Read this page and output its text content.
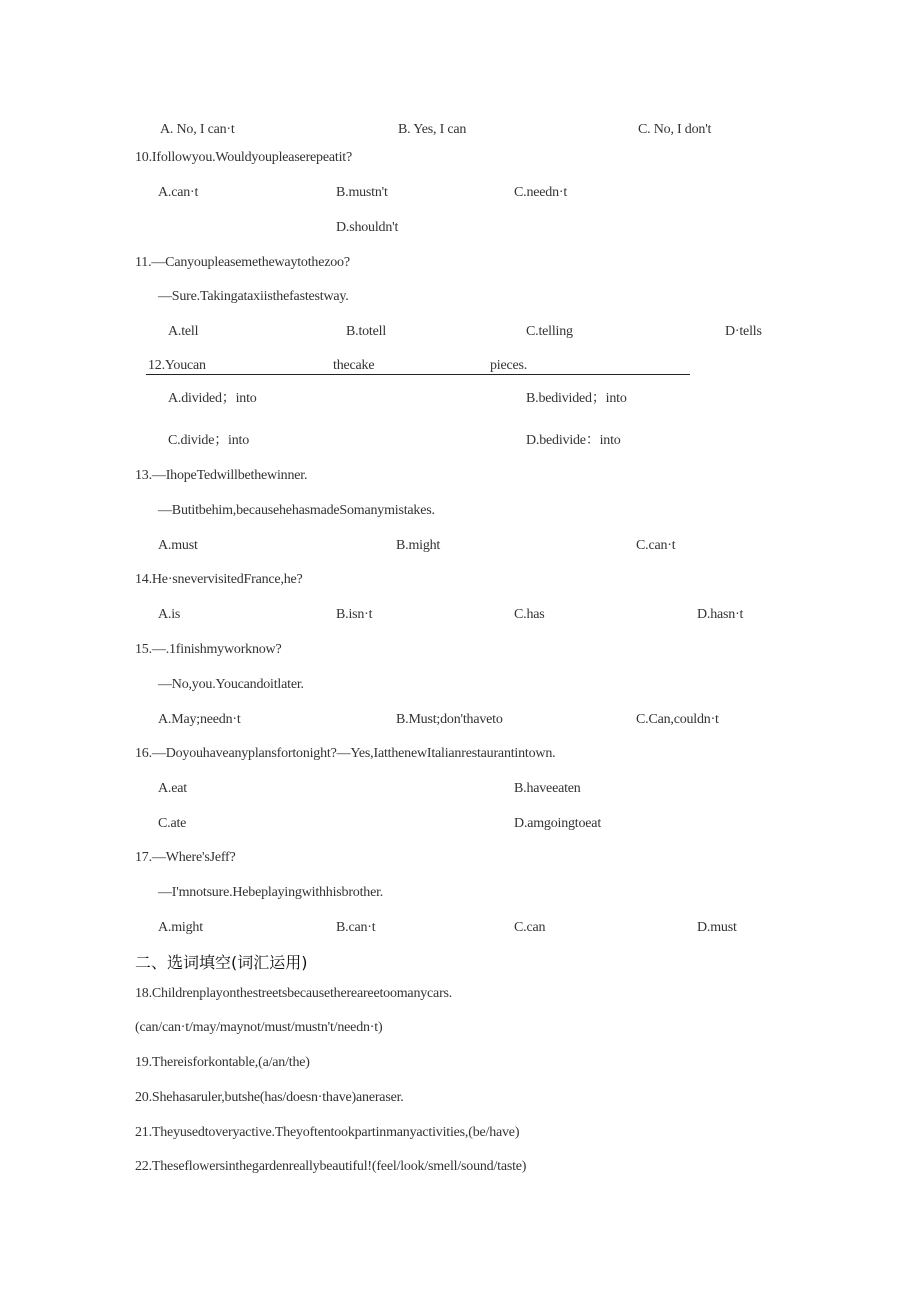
A. No, I can·t	B. Yes, I can	C. No, I don't
10.Ifollowyou.Wouldyoupleaserepeatit?
A.can·t	B.mustn't	C.needn·t
D.shouldn't
11.—Canyoupleasemethewaytothezoo?
—Sure.Takingataxiisthefastestway.
A.tell	B.totell	C.telling	D·tells
12.Youcan	thecake	pieces.
A.divided；into	B.bedivided；into
C.divide；into	D.bedivide：into
13.—IhopeTedwillbethewinner.
—Butitbehim,becausehehasmadeSomanymistakes.
A.must	B.might	C.can·t
14.He·snevervisitedFrance,he?
A.is	B.isn·t	C.has	D.hasn·t
15.—.1finishmyworknow?
—No,you.Youcandoitlater.
A.May;needn·t	B.Must;don'thaveto	C.Can,couldn·t
16.—Doyouhaveanyplansfortonight?—Yes,IatthenewItalianrestaurantintown.
A.eat	B.haveeaten
C.ate	D.amgoingtoeat
17.—Where'sJeff?
—I'mnotsure.Hebeplayingwithhisbrother.
A.might	B.can·t	C.can	D.must
二、选词填空(词汇运用)
18.Childrenplayonthestreetsbecausethereareetoomanycars.
(can/can·t/may/maynot/must/mustn't/needn·t)
19.Thereisforkontable,(a/an/the)
20.Shehasaruler,butshe(has/doesn·thave)aneraser.
21.Theyusedtoveryactive.Theyoftentookpartinmanyactivities,(be/have)
22.Theseflowersinthegardenreallybeautiful!(feel/look/smell/sound/taste)
